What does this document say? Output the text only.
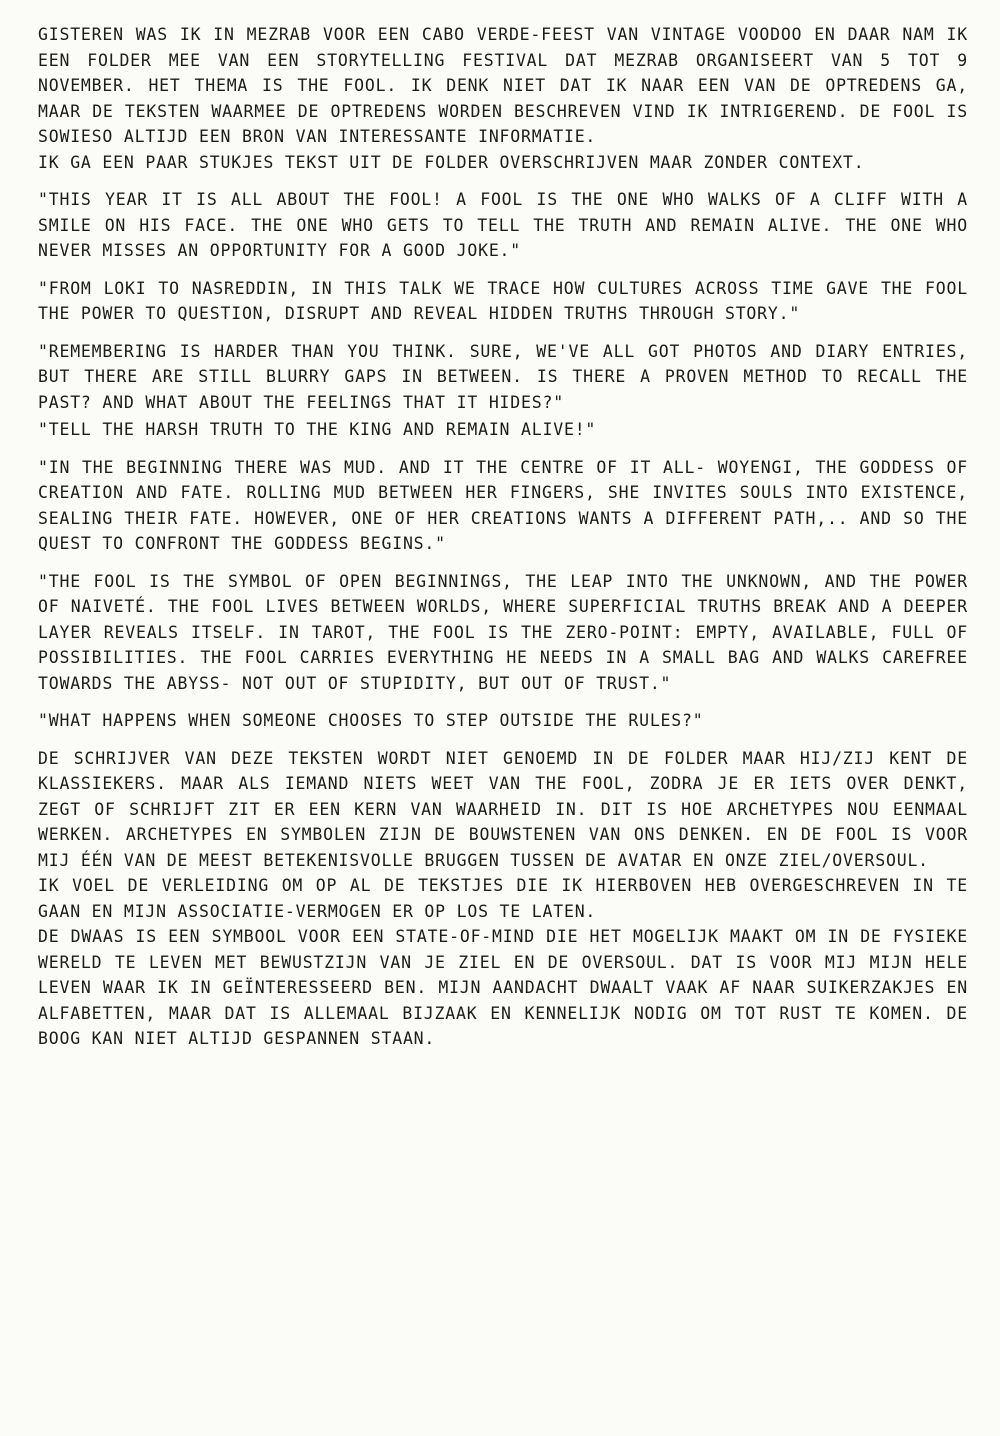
GISTEREN WAS IK IN MEZRAB VOOR EEN CABO VERDE-FEEST VAN VINTAGE VOODOO EN DAAR NAM IK EEN FOLDER MEE VAN EEN STORYTELLING FESTIVAL DAT MEZRAB ORGANISEERT VAN 5 TOT 9 NOVEMBER. HET THEMA IS THE FOOL. IK DENK NIET DAT IK NAAR EEN VAN DE OPTREDENS GA, MAAR DE TEKSTEN WAARMEE DE OPTREDENS WORDEN BESCHREVEN VIND IK INTRIGEREND. DE FOOL IS SOWIESO ALTIJD EEN BRON VAN INTERESSANTE INFORMATIE.

IK GA EEN PAAR STUKJES TEKST UIT DE FOLDER OVERSCHRIJVEN MAAR ZONDER CONTEXT.

"THIS YEAR IT IS ALL ABOUT THE FOOL! A FOOL IS THE ONE WHO WALKS OF A CLIFF WITH A SMILE ON HIS FACE. THE ONE WHO GETS TO TELL THE TRUTH AND REMAIN ALIVE. THE ONE WHO NEVER MISSES AN OPPORTUNITY FOR A GOOD JOKE."

"FROM LOKI TO NASREDDIN, IN THIS TALK WE TRACE HOW CULTURES ACROSS TIME GAVE THE FOOL THE POWER TO QUESTION, DISRUPT AND REVEAL HIDDEN TRUTHS THROUGH STORY."

"REMEMBERING IS HARDER THAN YOU THINK. SURE, WE'VE ALL GOT PHOTOS AND DIARY ENTRIES, BUT THERE ARE STILL BLURRY GAPS IN BETWEEN. IS THERE A PROVEN METHOD TO RECALL THE PAST? AND WHAT ABOUT THE FEELINGS THAT IT HIDES?"

"TELL THE HARSH TRUTH TO THE KING AND REMAIN ALIVE!"

"IN THE BEGINNING THERE WAS MUD. AND IT THE CENTRE OF IT ALL- WOYENGI, THE GODDESS OF CREATION AND FATE. ROLLING MUD BETWEEN HER FINGERS, SHE INVITES SOULS INTO EXISTENCE, SEALING THEIR FATE. HOWEVER, ONE OF HER CREATIONS WANTS A DIFFERENT PATH,.. AND SO THE QUEST TO CONFRONT THE GODDESS BEGINS."

"THE FOOL IS THE SYMBOL OF OPEN BEGINNINGS, THE LEAP INTO THE UNKNOWN, AND THE POWER OF NAIVETÉ. THE FOOL LIVES BETWEEN WORLDS, WHERE SUPERFICIAL TRUTHS BREAK AND A DEEPER LAYER REVEALS ITSELF. IN TAROT, THE FOOL IS THE ZERO-POINT: EMPTY, AVAILABLE, FULL OF POSSIBILITIES. THE FOOL CARRIES EVERYTHING HE NEEDS IN A SMALL BAG AND WALKS CAREFREE TOWARDS THE ABYSS- NOT OUT OF STUPIDITY, BUT OUT OF TRUST."

"WHAT HAPPENS WHEN SOMEONE CHOOSES TO STEP OUTSIDE THE RULES?"

DE SCHRIJVER VAN DEZE TEKSTEN WORDT NIET GENOEMD IN DE FOLDER MAAR HIJ/ZIJ KENT DE KLASSIEKERS. MAAR ALS IEMAND NIETS WEET VAN THE FOOL, ZODRA JE ER IETS OVER DENKT, ZEGT OF SCHRIJFT ZIT ER EEN KERN VAN WAARHEID IN. DIT IS HOE ARCHETYPES NOU EENMAAL WERKEN. ARCHETYPES EN SYMBOLEN ZIJN DE BOUWSTENEN VAN ONS DENKEN. EN DE FOOL IS VOOR MIJ ÉÉN VAN DE MEEST BETEKENISVOLLE BRUGGEN TUSSEN DE AVATAR EN ONZE ZIEL/OVERSOUL.

IK VOEL DE VERLEIDING OM OP AL DE TEKSTJES DIE IK HIERBOVEN HEB OVERGESCHREVEN IN TE GAAN EN MIJN ASSOCIATIE-VERMOGEN ER OP LOS TE LATEN.

DE DWAAS IS EEN SYMBOOL VOOR EEN STATE-OF-MIND DIE HET MOGELIJK MAAKT OM IN DE FYSIEKE WERELD TE LEVEN MET BEWUSTZIJN VAN JE ZIEL EN DE OVERSOUL. DAT IS VOOR MIJ MIJN HELE LEVEN WAAR IK IN GEÏNTERESSEERD BEN. MIJN AANDACHT DWAALT VAAK AF NAAR SUIKERZAKJES EN ALFABETTEN, MAAR DAT IS ALLEMAAL BIJZAAK EN KENNELIJK NODIG OM TOT RUST TE KOMEN. DE BOOG KAN NIET ALTIJD GESPANNEN STAAN.
